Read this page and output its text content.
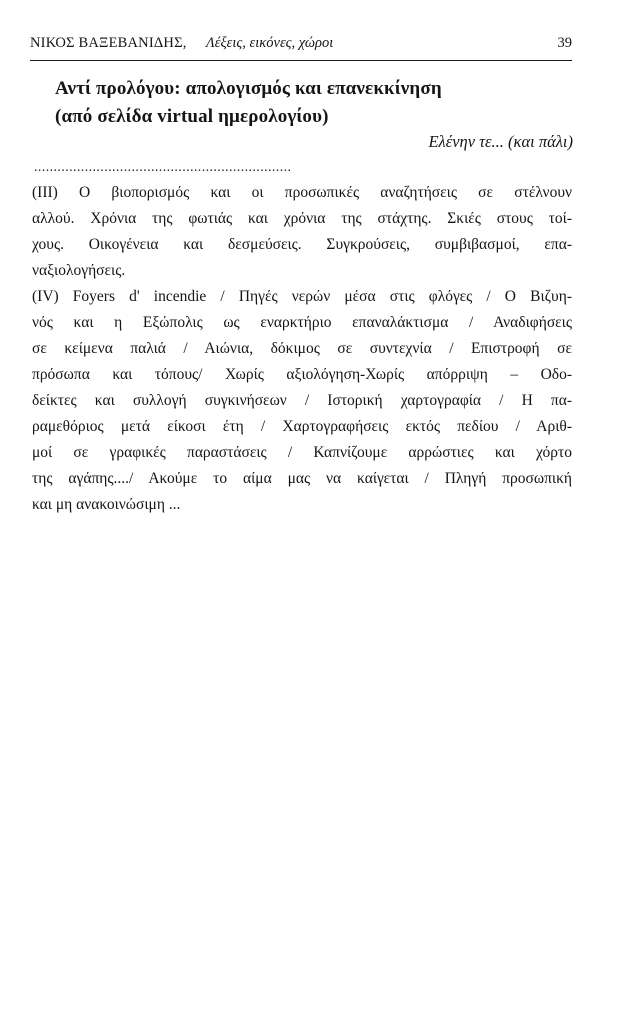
ΝΙΚΟΣ ΒΑΞΕΒΑΝΙΔΗΣ, Λέξεις, εικόνες, χώροι	39
Αντί προλόγου: απολογισμός και επανεκκίνηση
(από σελίδα virtual ημερολογίου)
Ελένην τε... (και πάλι)
..................................................................
(ΙΙΙ) Ο βιοπορισμός και οι προσωπικές αναζητήσεις σε στέλνουν
αλλού. Χρόνια της φωτιάς και χρόνια της στάχτης. Σκιές στους τοί-
χους. Οικογένεια και δεσμεύσεις. Συγκρούσεις, συμβιβασμοί, επα-
ναξιολογήσεις.
(IV) Foyers d' incendie / Πηγές νερών μέσα στις φλόγες / Ο Βιζυη-
νός και η Εξώπολις ως εναρκτήριο επαναλάκτισμα / Αναδιφήσεις
σε κείμενα παλιά / Αιώνια, δόκιμος σε συντεχνία / Επιστροφή σε
πρόσωπα και τόπους/ Χωρίς αξιολόγηση-Χωρίς απόρριψη – Οδο-
δείκτες και συλλογή συγκινήσεων / Ιστορική χαρτογραφία / Η πα-
ραμεθόριος μετά είκοσι έτη / Χαρτογραφήσεις εκτός πεδίου / Αριθ-
μοί σε γραφικές παραστάσεις / Καπνίζουμε αρρώστιες και χόρτο
της αγάπης..../ Ακούμε το αίμα μας να καίγεται / Πληγή προσωπική
και μη ανακοινώσιμη ...
